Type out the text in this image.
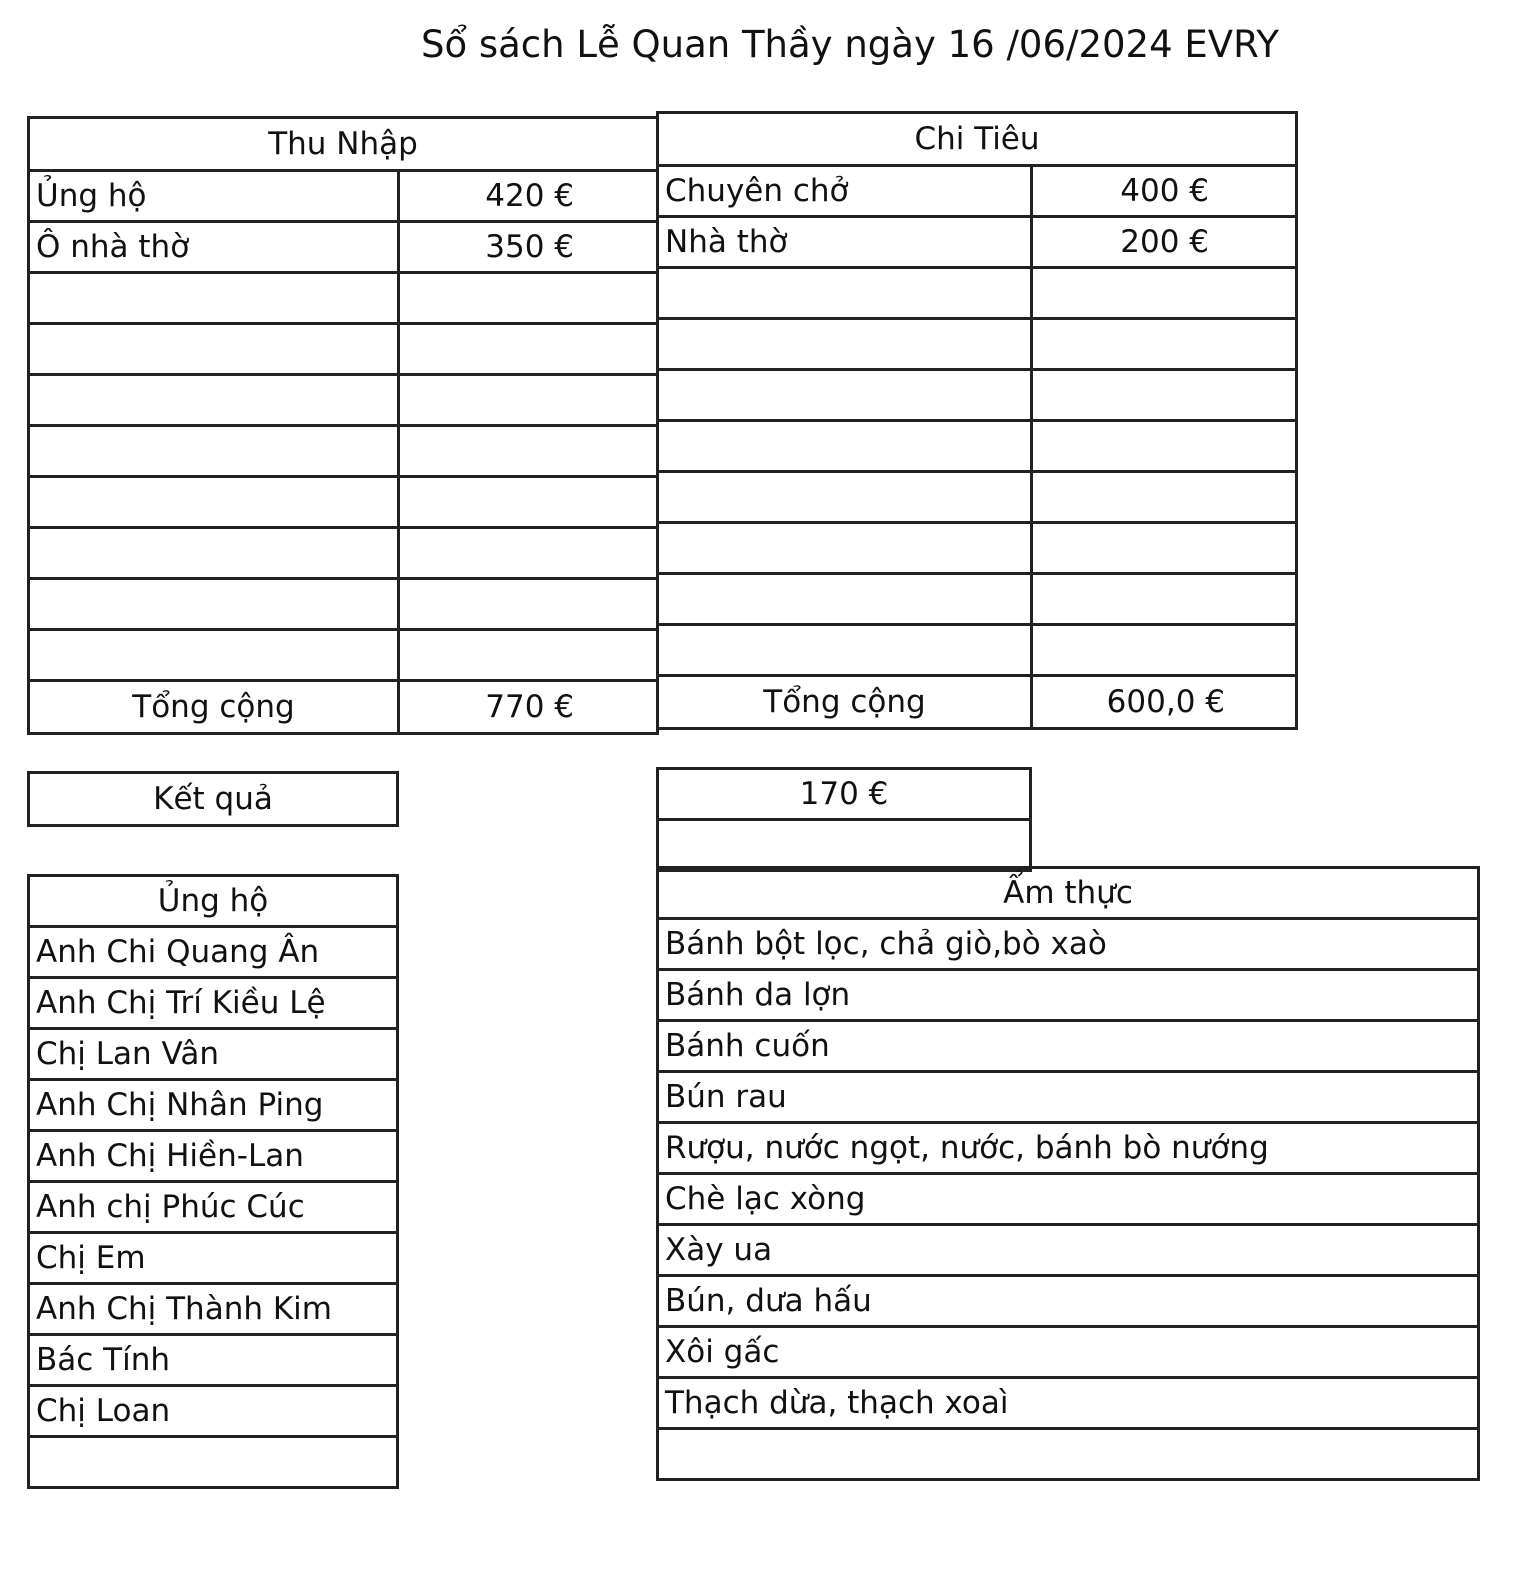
Sổ sách Lễ Quan Thầy ngày 16 /06/2024 EVRY
Thu Nhập
Ủng hộ	420 €
Ô nhà thờ	350 €
Tổng cộng	770 €
Chi Tiêu
Chuyên chở	400 €
Nhà thờ	200 €
Tổng cộng	600,0 €
Kết quả	170 €
Ủng hộ
Anh Chi Quang Ân
Anh Chị Trí Kiều Lệ
Chị Lan Vân
Anh Chị Nhân Ping
Anh Chị Hiền-Lan
Anh chị Phúc Cúc
Chị Em
Anh Chị Thành Kim
Bác Tính
Chị Loan
Ẩm thực
Bánh bột lọc, chả giò,bò xaò
Bánh da lợn
Bánh cuốn
Bún rau
Rượu, nước ngọt, nước, bánh bò nướng
Chè lạc xòng
Xày ua
Bún, dưa hấu
Xôi gấc
Thạch dừa, thạch xoaì
